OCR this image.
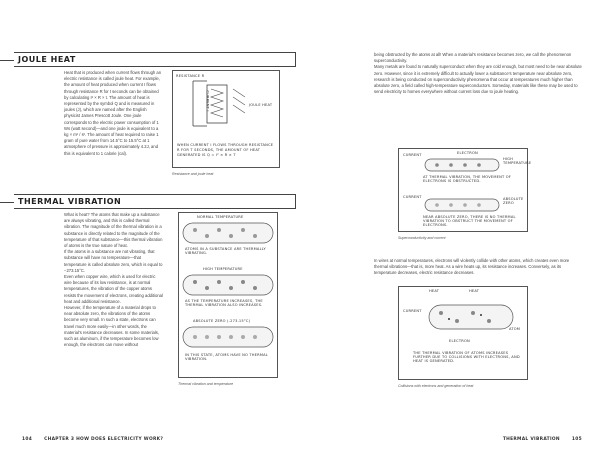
JOULE HEAT
Heat that is produced when current flows through an electric resistance is called joule heat. For example, the amount of heat produced when current I flows through resistance R for t seconds can be obtained by calculating I² × R × t. The amount of heat is represented by the symbol Q and is measured in joules (J), which are named after the English physicist James Prescott Joule. One joule corresponds to the electric power consumption of 1 Ws (watt second)—and one joule is equivalent to a kg × m² / s². The amount of heat required to raise 1 gram of pure water from 14.5°C to 15.5°C at 1 atmosphere of pressure is approximately 4.2J, and this is equivalent to 1 calorie (cal).
RESISTANCE R
CURRENT I	JOULE HEAT
WHEN CURRENT I FLOWS THROUGH RESISTANCE R FOR T SECONDS, THE AMOUNT OF HEAT GENERATED IS Q = I² × R × T
Resistance and joule heat
THERMAL VIBRATION
What is heat? The atoms that make up a substance are always vibrating, and this is called thermal vibration. The magnitude of the thermal vibration in a substance is directly related to the magnitude of the temperature of that substance—this thermal vibration of atoms is the true nature of heat.
If the atoms in a substance are not vibrating, that substance will have no temperature—that temperature is called absolute zero, which is equal to −273.15°C.
Even when copper wire, which is used for electric wire because of its low resistance, is at normal temperatures, the vibration of the copper atoms resists the movement of electrons, creating additional heat and additional resistance.
However, if the temperature of a material drops to near absolute zero, the vibrations of the atoms become very small. In such a state, electrons can travel much more easily—in other words, the material's resistance decreases. In some materials, such as aluminum, if the temperature becomes low enough, the electrons can move without
NORMAL TEMPERATURE
ATOMS IN A SUBSTANCE ARE THERMALLY VIBRATING.
HIGH TEMPERATURE
AS THE TEMPERATURE INCREASES, THE THERMAL VIBRATION ALSO INCREASES.
ABSOLUTE ZERO (-273.15°C)
IN THIS STATE, ATOMS HAVE NO THERMAL VIBRATION.
Thermal vibration and temperature
104	CHAPTER 3 HOW DOES ELECTRICITY WORK?
being obstructed by the atoms at all! When a material's resistance becomes zero, we call the phenomenon superconductivity.
Many metals are found to naturally superconduct when they are cold enough, but most need to be near absolute zero. However, since it is extremely difficult to actually lower a substance's temperature near absolute zero, research is being conducted on superconductivity phenomena that occur at temperatures much higher than absolute zero, a field called high-temperature superconductors. Someday, materials like these may be used to send electricity to homes everywhere without current loss due to joule heating.
CURRENT	ELECTRON
HIGH TEMPERATURE
AT THERMAL VIBRATION, THE MOVEMENT OF ELECTRONS IS OBSTRUCTED.
CURRENT	ABSOLUTE ZERO
NEAR ABSOLUTE ZERO, THERE IS NO THERMAL VIBRATION TO OBSTRUCT THE MOVEMENT OF ELECTRONS.
Superconductivity and current
In wires at normal temperatures, electrons will violently collide with other atoms, which creates even more thermal vibrations—that is, more heat. As a wire heats up, its resistance increases. Conversely, as its temperature decreases, electric resistance decreases.
HEAT	HEAT
CURRENT
ATOM
ELECTRON
THE THERMAL VIBRATION OF ATOMS INCREASES FURTHER DUE TO COLLISIONS WITH ELECTRONS, AND HEAT IS GENERATED.
Collisions with electrons and generation of heat
THERMAL VIBRATION	105
